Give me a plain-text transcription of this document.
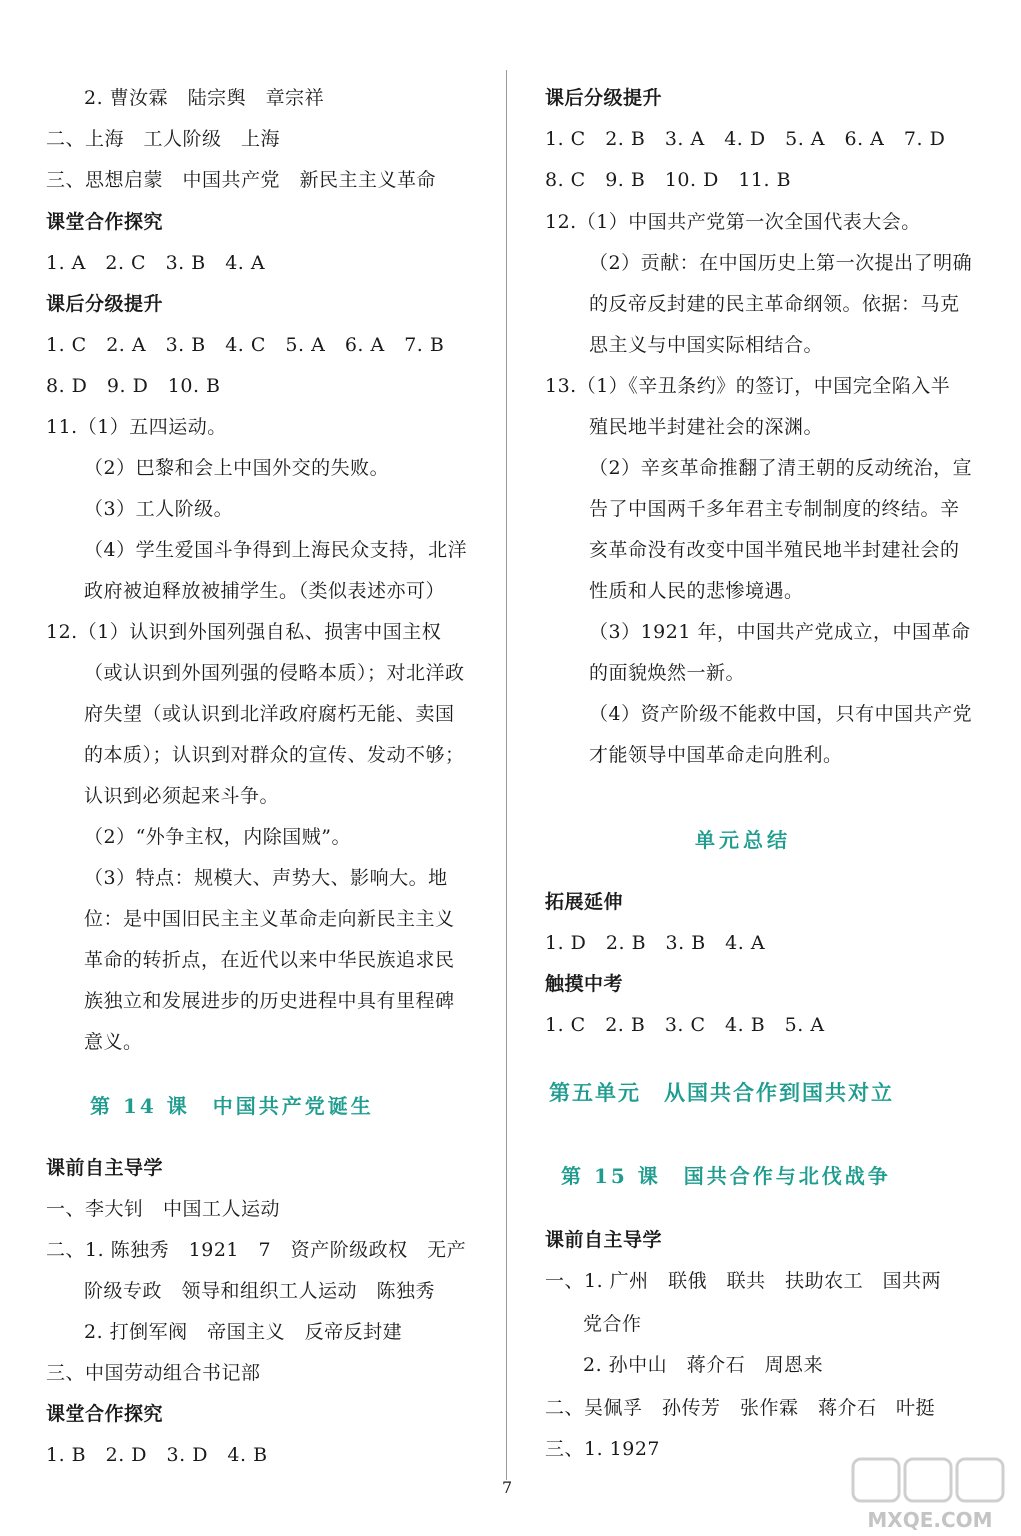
2. 曹汝霖　陆宗舆　章宗祥
二、上海　工人阶级　上海
三、思想启蒙　中国共产党　新民主主义革命
课堂合作探究
1. A　2. C　3. B　4. A
课后分级提升
1. C　2. A　3. B　4. C　5. A　6. A　7. B
8. D　9. D　10. B
11.（1）五四运动。
（2）巴黎和会上中国外交的失败。
（3）工人阶级。
（4）学生爱国斗争得到上海民众支持，北洋
政府被迫释放被捕学生。（类似表述亦可）
12.（1）认识到外国列强自私、损害中国主权
（或认识到外国列强的侵略本质）；对北洋政
府失望（或认识到北洋政府腐朽无能、卖国
的本质）；认识到对群众的宣传、发动不够；
认识到必须起来斗争。
（2）“外争主权，内除国贼”。
（3）特点：规模大、声势大、影响大。地
位：是中国旧民主主义革命走向新民主主义
革命的转折点，在近代以来中华民族追求民
族独立和发展进步的历史进程中具有里程碑
意义。
第 14 课　中国共产党诞生
课前自主导学
一、李大钊　中国工人运动
二、1. 陈独秀　1921　7　资产阶级政权　无产
阶级专政　领导和组织工人运动　陈独秀
2. 打倒军阀　帝国主义　反帝反封建
三、中国劳动组合书记部
课堂合作探究
1. B　2. D　3. D　4. B
课后分级提升
1. C　2. B　3. A　4. D　5. A　6. A　7. D
8. C　9. B　10. D　11. B
12.（1）中国共产党第一次全国代表大会。
（2）贡献：在中国历史上第一次提出了明确
的反帝反封建的民主革命纲领。依据：马克
思主义与中国实际相结合。
13.（1）《辛丑条约》的签订，中国完全陷入半
殖民地半封建社会的深渊。
（2）辛亥革命推翻了清王朝的反动统治，宣
告了中国两千多年君主专制制度的终结。辛
亥革命没有改变中国半殖民地半封建社会的
性质和人民的悲惨境遇。
（3）1921 年，中国共产党成立，中国革命
的面貌焕然一新。
（4）资产阶级不能救中国，只有中国共产党
才能领导中国革命走向胜利。
单元总结
拓展延伸
1. D　2. B　3. B　4. A
触摸中考
1. C　2. B　3. C　4. B　5. A
第五单元　从国共合作到国共对立
第 15 课　国共合作与北伐战争
课前自主导学
一、1. 广州　联俄　联共　扶助农工　国共两
党合作
2. 孙中山　蒋介石　周恩来
二、吴佩孚　孙传芳　张作霖　蒋介石　叶挺
三、1. 1927
7
MXQE.COM
